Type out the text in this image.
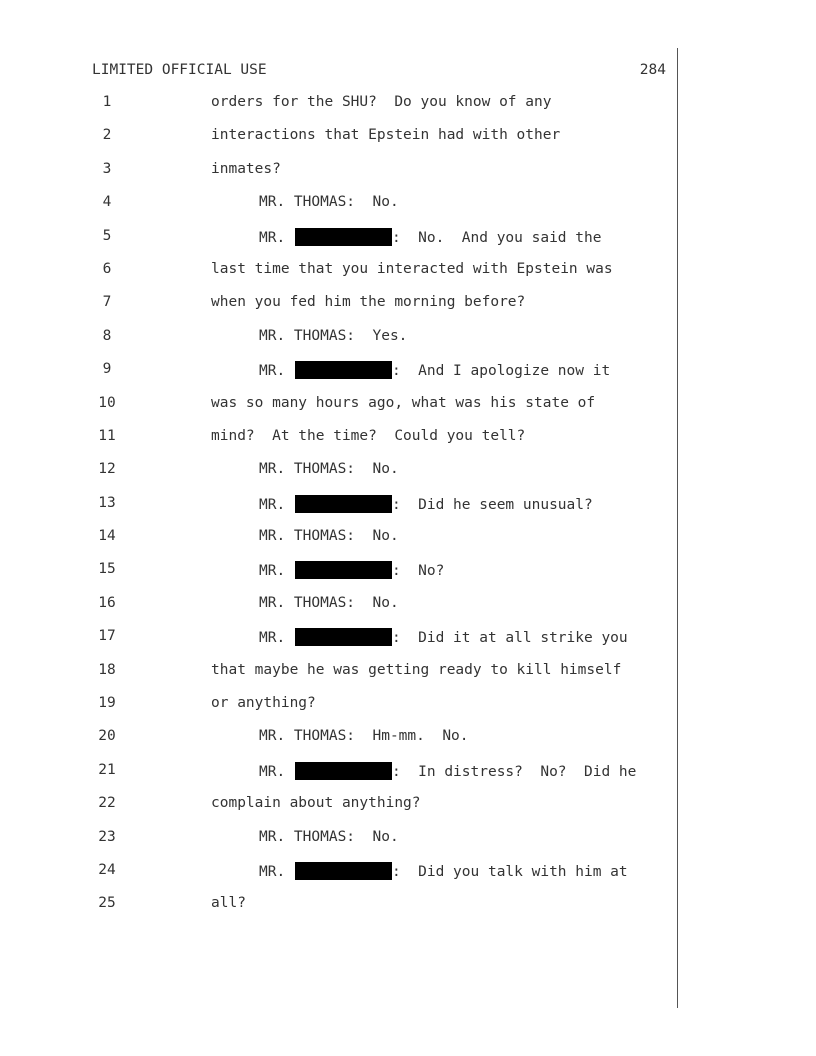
LIMITED OFFICIAL USE	284
1	orders for the SHU?  Do you know of any
2	interactions that Epstein had with other
3	inmates?
4	MR. THOMAS:  No.
5	MR.	:  No.  And you said the
6	last time that you interacted with Epstein was
7	when you fed him the morning before?
8	MR. THOMAS:  Yes.
9	MR.	:  And I apologize now it
10	was so many hours ago, what was his state of
11	mind?  At the time?  Could you tell?
12	MR. THOMAS:  No.
13	MR.	:  Did he seem unusual?
14	MR. THOMAS:  No.
15	MR.	:  No?
16	MR. THOMAS:  No.
17	MR.	:  Did it at all strike you
18	that maybe he was getting ready to kill himself
19	or anything?
20	MR. THOMAS:  Hm-mm.  No.
21	MR.	:  In distress?  No?  Did he
22	complain about anything?
23	MR. THOMAS:  No.
24	MR.	:  Did you talk with him at
25	all?
